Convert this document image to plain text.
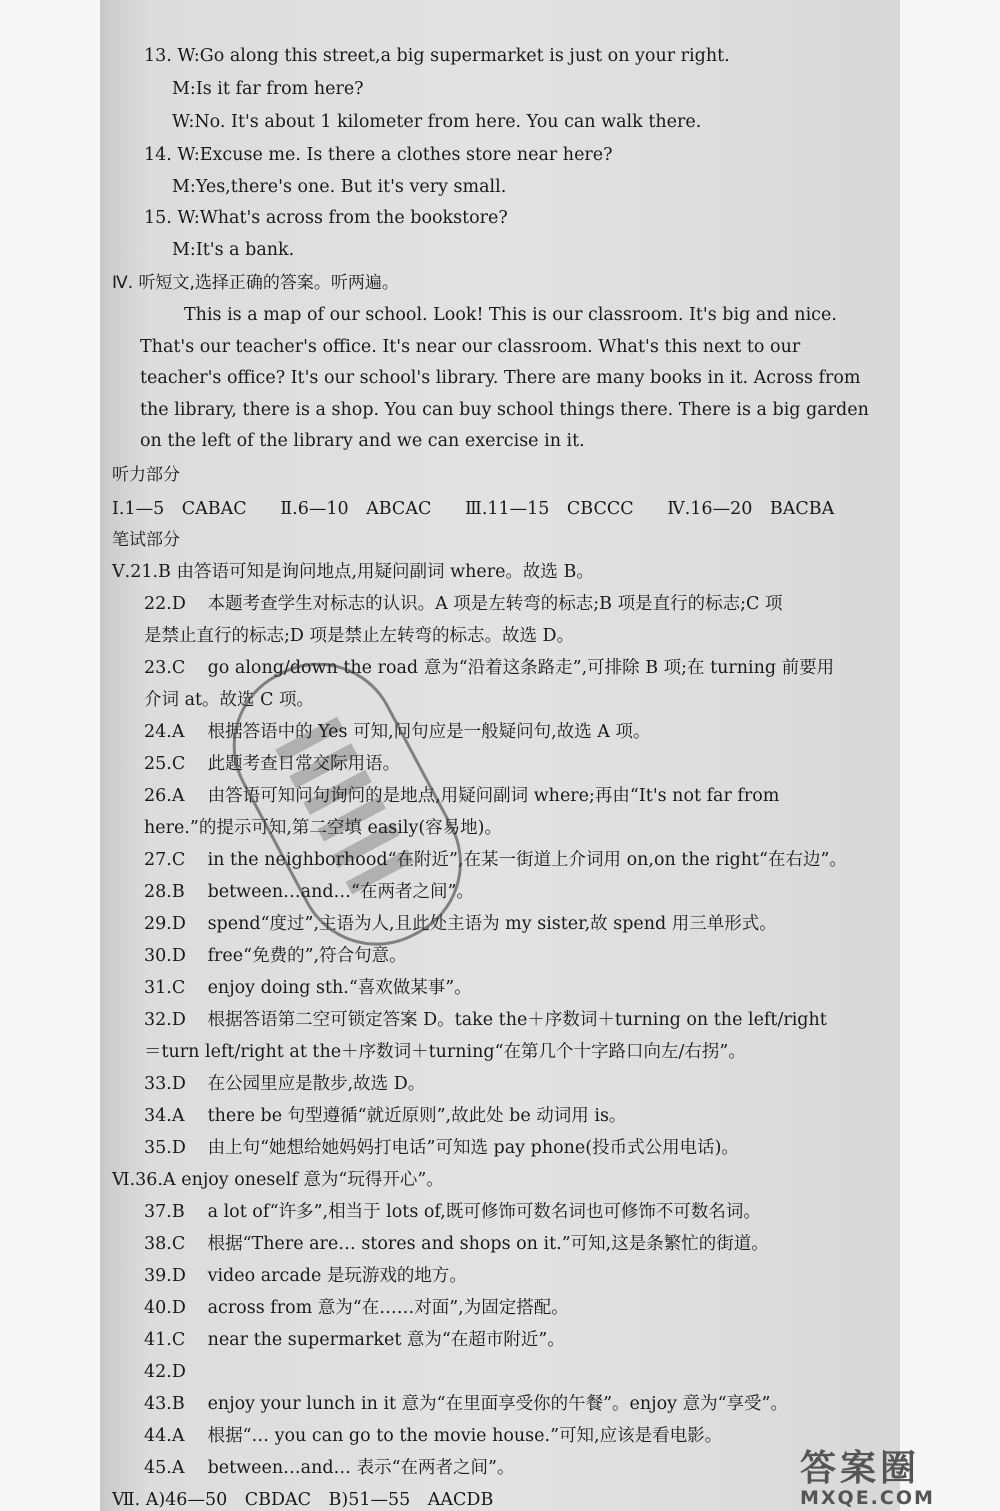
13. W:Go along this street,a big supermarket is just on your right.
M:Is it far from here?
W:No. It's about 1 kilometer from here. You can walk there.
14. W:Excuse me. Is there a clothes store near here?
M:Yes,there's one. But it's very small.
15. W:What's across from the bookstore?
M:It's a bank.
Ⅳ. 听短文,选择正确的答案。听两遍。
This is a map of our school. Look! This is our classroom. It's big and nice. That's our teacher's office. It's near our classroom. What's this next to our teacher's office? It's our school's library. There are many books in it. Across from the library, there is a shop. You can buy school things there. There is a big garden on the left of the library and we can exercise in it.
听力部分
Ⅰ.1—5　CABAC Ⅱ.6—10　ABCAC Ⅲ.11—15　CBCCC Ⅳ.16—20　BACBA
笔试部分
Ⅴ.21.B 由答语可知是询问地点,用疑问副词 where。故选 B。
22.D 本题考查学生对标志的认识。A 项是左转弯的标志;B 项是直行的标志;C 项
是禁止直行的标志;D 项是禁止左转弯的标志。故选 D。
23.C go along/down the road 意为“沿着这条路走”,可排除 B 项;在 turning 前要用
介词 at。故选 C 项。
24.A 根据答语中的 Yes 可知,问句应是一般疑问句,故选 A 项。
25.C 此题考查日常交际用语。
26.A 由答语可知问句询问的是地点,用疑问副词 where;再由“It's not far from
here.”的提示可知,第二空填 easily(容易地)。
27.C in the neighborhood“在附近”,在某一街道上介词用 on,on the right“在右边”。
28.B between…and…“在两者之间”。
29.D spend“度过”,主语为人,且此处主语为 my sister,故 spend 用三单形式。
30.D free“免费的”,符合句意。
31.C enjoy doing sth.“喜欢做某事”。
32.D 根据答语第二空可锁定答案 D。take the＋序数词＋turning on the left/right
＝turn left/right at the＋序数词＋turning“在第几个十字路口向左/右拐”。
33.D 在公园里应是散步,故选 D。
34.A there be 句型遵循“就近原则”,故此处 be 动词用 is。
35.D 由上句“她想给她妈妈打电话”可知选 pay phone(投币式公用电话)。
Ⅵ.36.A enjoy oneself 意为“玩得开心”。
37.B a lot of“许多”,相当于 lots of,既可修饰可数名词也可修饰不可数名词。
38.C 根据“There are… stores and shops on it.”可知,这是条繁忙的街道。
39.D video arcade 是玩游戏的地方。
40.D across from 意为“在……对面”,为固定搭配。
41.C near the supermarket 意为“在超市附近”。
42.D
43.B enjoy your lunch in it 意为“在里面享受你的午餐”。enjoy 意为“享受”。
44.A 根据“… you can go to the movie house.”可知,应该是看电影。
45.A between…and… 表示“在两者之间”。
Ⅶ. A)46—50　CBDAC　B)51—55　AACDB
答案圈
MXQE.COM
